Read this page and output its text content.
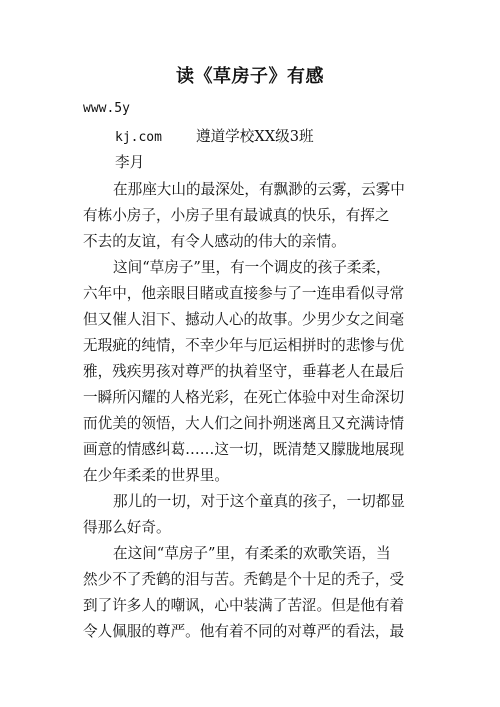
读《草房子》有感
www.5y
kj.com 遵道学校XX级3班
李月
在那座大山的最深处，有飘渺的云雾，云雾中
有栋小房子，小房子里有最诚真的快乐，有挥之
不去的友谊，有令人感动的伟大的亲情。
这间“草房子”里，有一个调皮的孩子柔柔，
六年中，他亲眼目睹或直接参与了一连串看似寻常
但又催人泪下、撼动人心的故事。少男少女之间毫
无瑕疵的纯情，不幸少年与厄运相拼时的悲惨与优
雅，残疾男孩对尊严的执着坚守，垂暮老人在最后
一瞬所闪耀的人格光彩，在死亡体验中对生命深切
而优美的领悟，大人们之间扑朔迷离且又充满诗情
画意的情感纠葛……这一切，既清楚又朦胧地展现
在少年柔柔的世界里。
那儿的一切，对于这个童真的孩子，一切都显
得那么好奇。
在这间“草房子”里，有柔柔的欢歌笑语，当
然少不了秃鹤的泪与苦。秃鹤是个十足的秃子，受
到了许多人的嘲讽，心中装满了苦涩。但是他有着
令人佩服的尊严。他有着不同的对尊严的看法，最
